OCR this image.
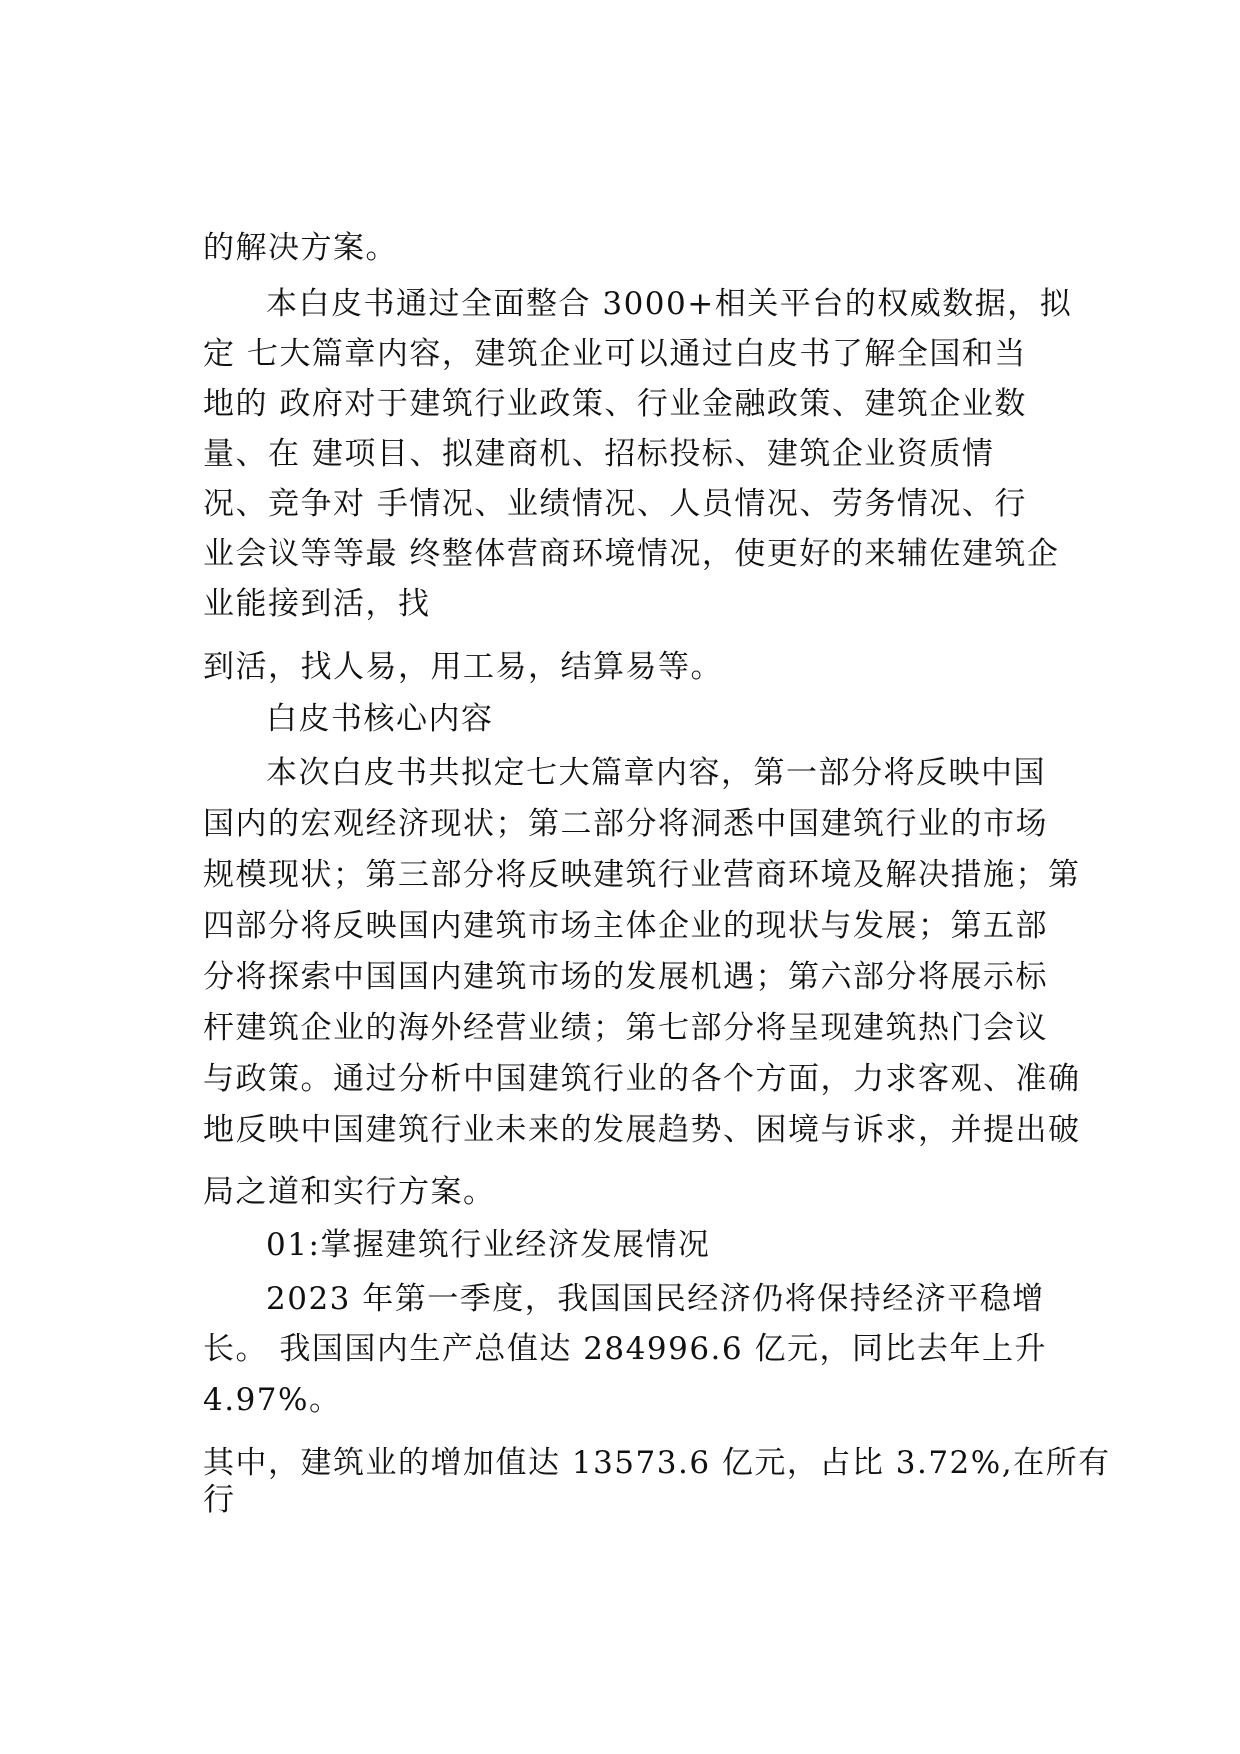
的解决方案。
本白皮书通过全面整合 3000+相关平台的权威数据，拟
定 七大篇章内容，建筑企业可以通过白皮书了解全国和当
地的 政府对于建筑行业政策、行业金融政策、建筑企业数
量、在 建项目、拟建商机、招标投标、建筑企业资质情
况、竞争对 手情况、业绩情况、人员情况、劳务情况、行
业会议等等最 终整体营商环境情况，使更好的来辅佐建筑企
业能接到活，找
到活，找人易，用工易，结算易等。
白皮书核心内容
本次白皮书共拟定七大篇章内容，第一部分将反映中国
国内的宏观经济现状；第二部分将洞悉中国建筑行业的市场
规模现状；第三部分将反映建筑行业营商环境及解决措施；第
四部分将反映国内建筑市场主体企业的现状与发展；第五部
分将探索中国国内建筑市场的发展机遇；第六部分将展示标
杆建筑企业的海外经营业绩；第七部分将呈现建筑热门会议
与政策。通过分析中国建筑行业的各个方面，力求客观、准确
地反映中国建筑行业未来的发展趋势、困境与诉求，并提出破
局之道和实行方案。
01:掌握建筑行业经济发展情况
2023 年第一季度，我国国民经济仍将保持经济平稳增
长。 我国国内生产总值达 284996.6 亿元，同比去年上升
4.97%。
其中，建筑业的增加值达 13573.6 亿元，占比 3.72%,在所有
行
